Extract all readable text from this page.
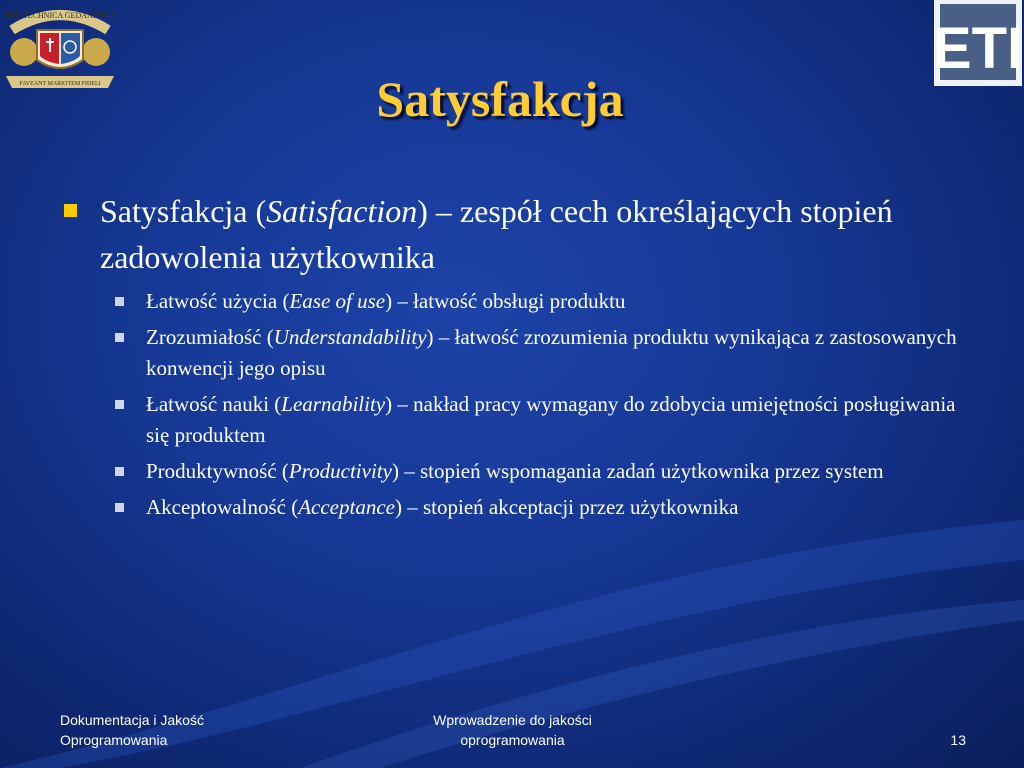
POLITECHNICA GEDANENSIS
FAVEANT MARIOTEM FIDELI
ETI
Satysfakcja
Satysfakcja (Satisfaction) – zespół cech określających stopień zadowolenia użytkownika
Łatwość użycia (Ease of use) – łatwość obsługi produktu
Zrozumiałość (Understandability) – łatwość zrozumienia produktu wynikająca z zastosowanych konwencji jego opisu
Łatwość nauki (Learnability) – nakład pracy wymagany do zdobycia umiejętności posługiwania się produktem
Produktywność (Productivity) – stopień wspomagania zadań użytkownika przez system
Akceptowalność (Acceptance) – stopień akceptacji przez użytkownika
Dokumentacja i Jakość
Oprogramowania
Wprowadzenie do jakości
oprogramowania	13
